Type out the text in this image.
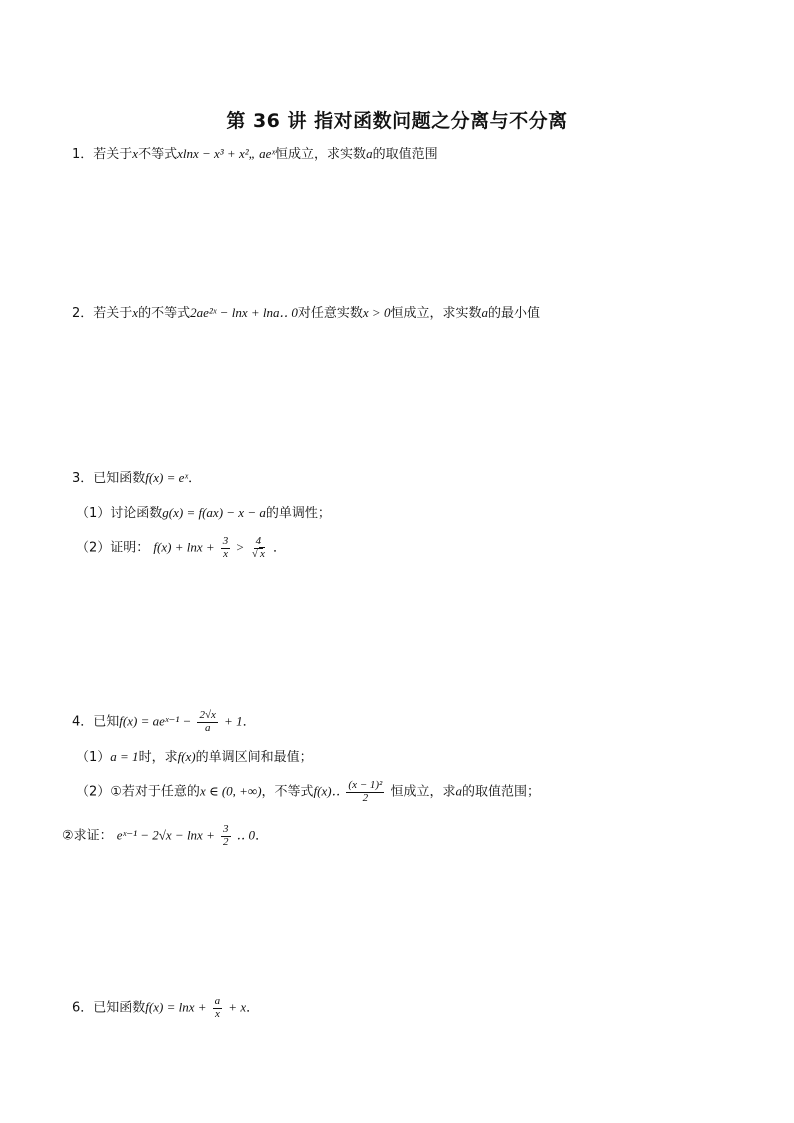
第 36 讲 指对函数问题之分离与不分离
1．若关于x不等式xlnx − x³ + x²„ aeˣ恒成立，求实数a的取值范围
2．若关于x的不等式2ae²ˣ − lnx + lna‥ 0对任意实数x > 0恒成立，求实数a的最小值
3．已知函数f(x) = eˣ．
（1）讨论函数g(x) = f(ax) − x − a的单调性；
（2）证明： $f(x) + \ln x + \frac{3}{x} > \frac{4}{√ x}$ ．
4．已知f(x) = aeˣ⁻¹ − $\frac{2√x}{a} + 1$．
（1）a = 1时，求f(x)的单调区间和最值；
（2）①若对于任意的x ∈ (0, +∞)，不等式f(x)‥ $\frac{\text{(x − 1)²}}{2}$ 恒成立，求a的取值范围；
②求证： eˣ⁻¹ − $2√x - \ln x + \frac{3}{2}$ ‥ 0．
6．已知函数$f(x) = \ln x + \frac{a}{x} + x$．
